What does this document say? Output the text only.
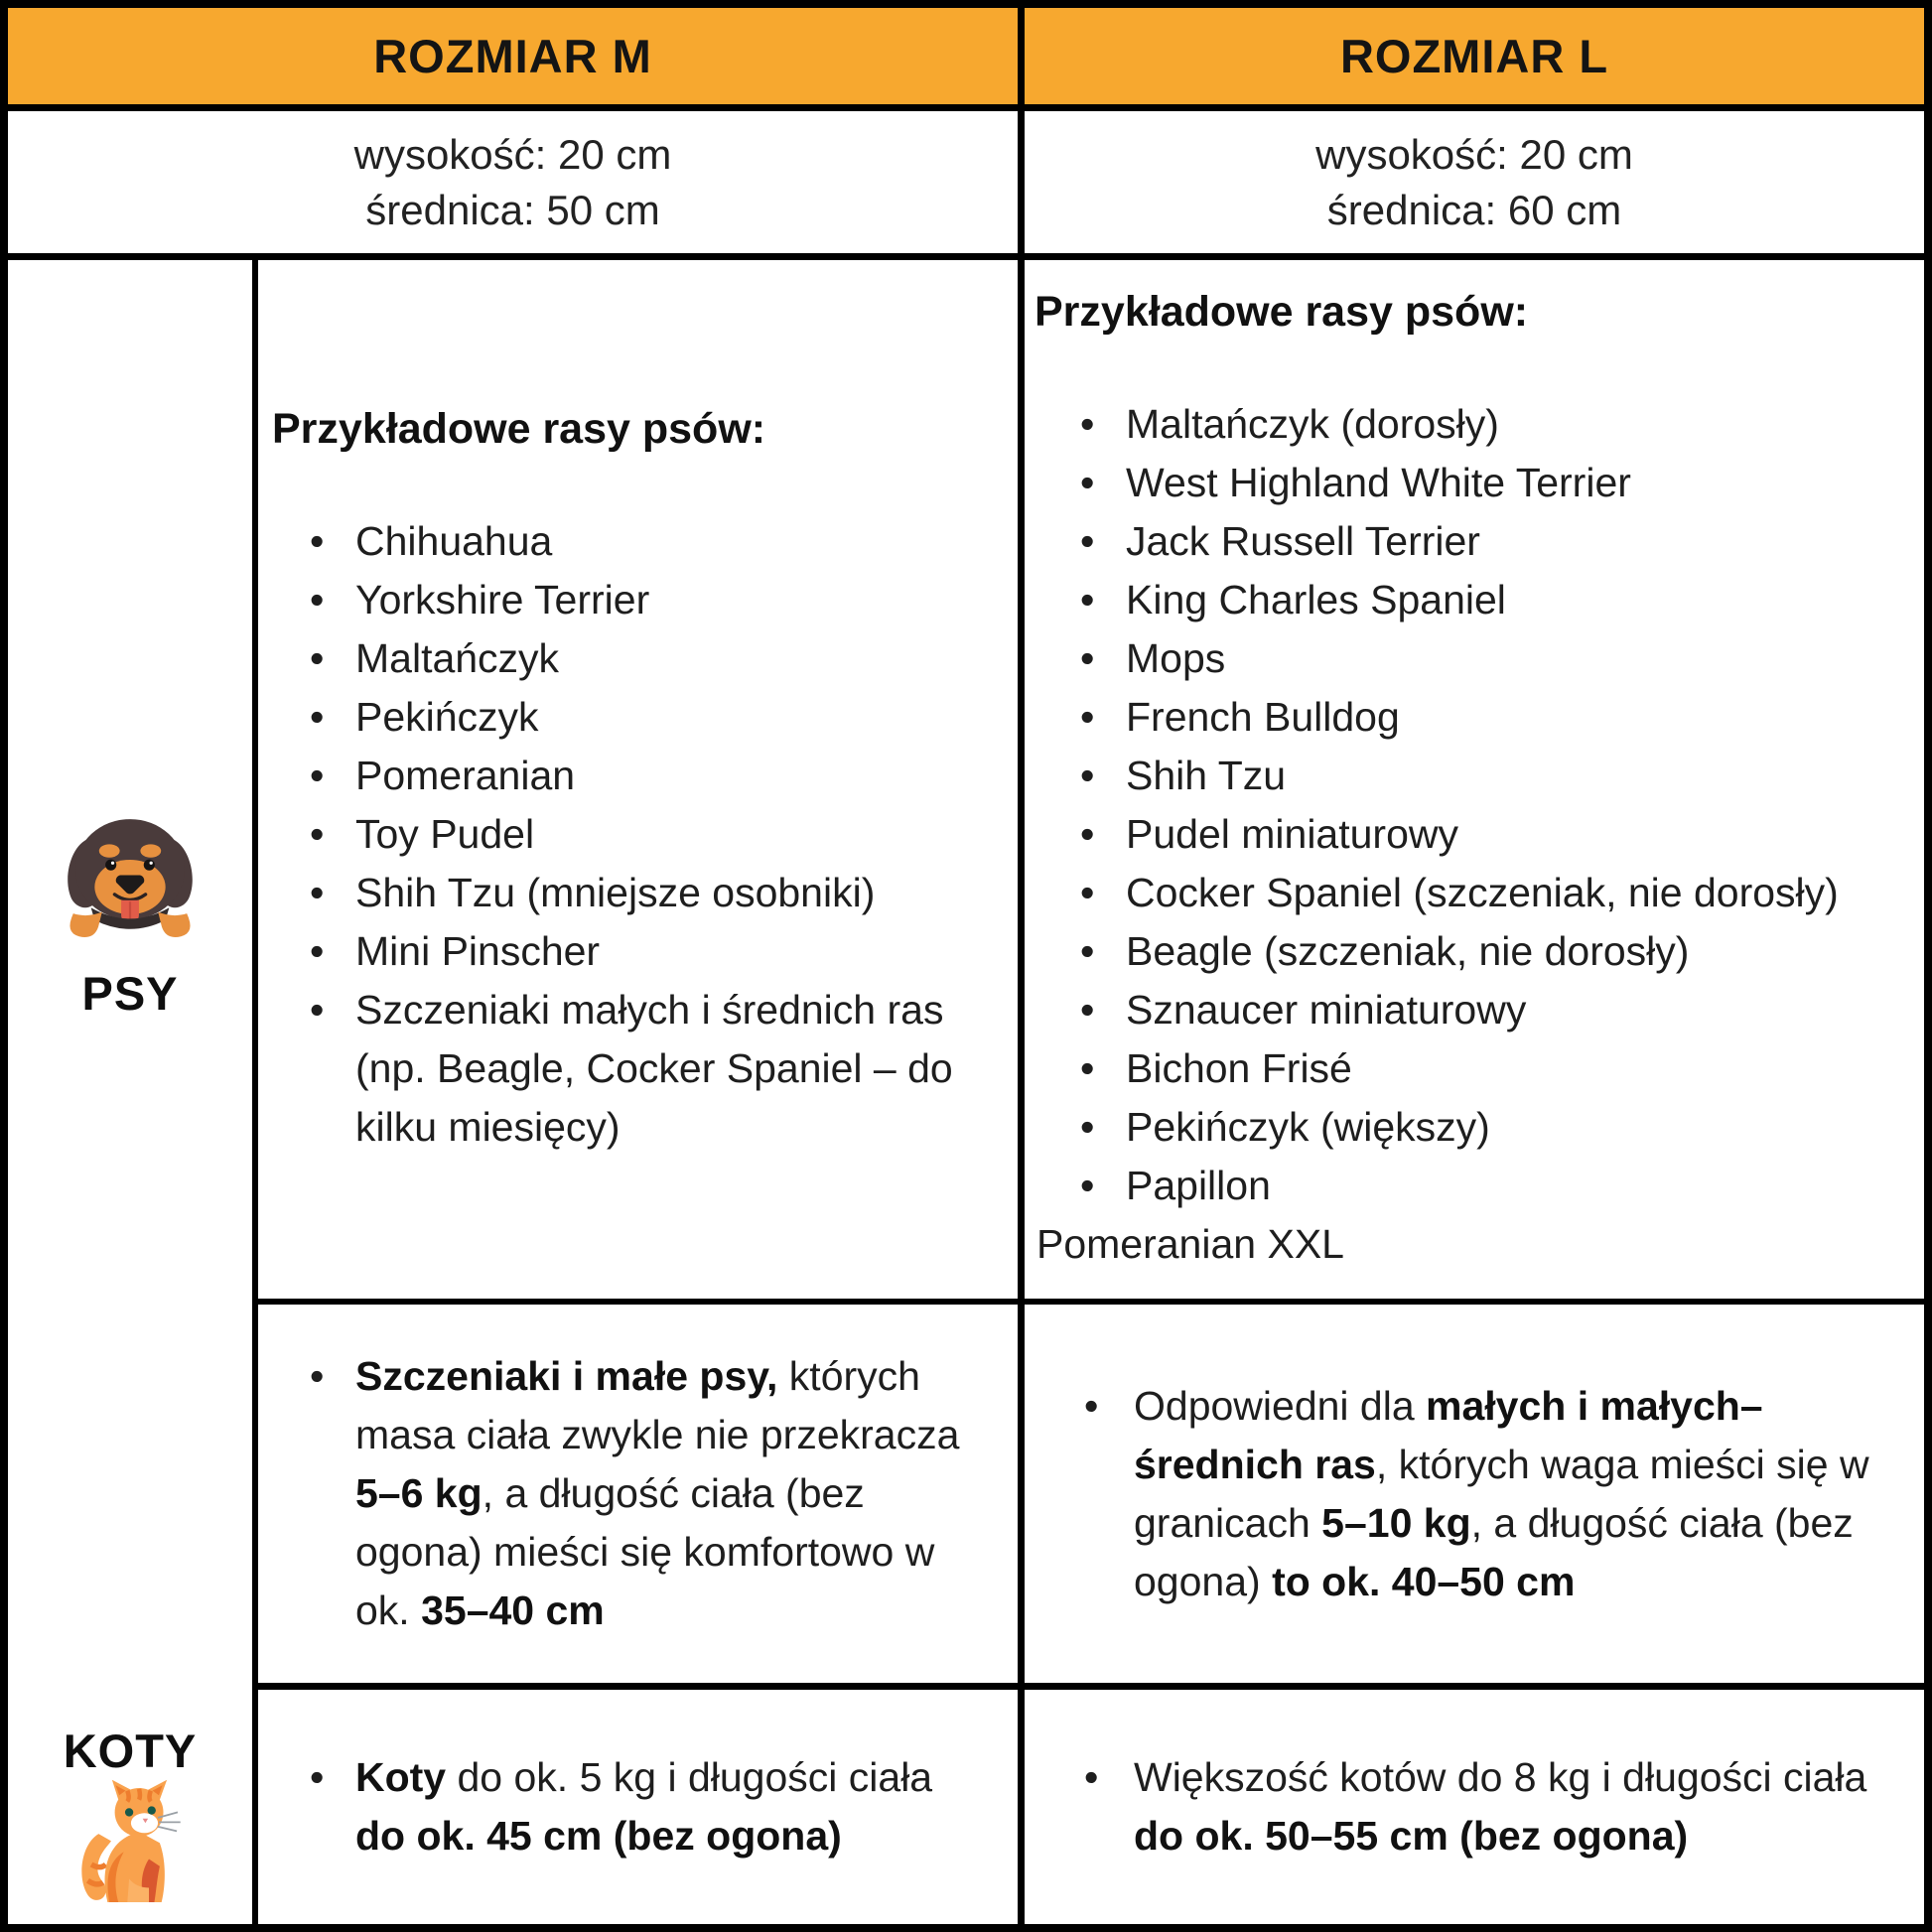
ROZMIAR M	ROZMIAR L
wysokość: 20 cm
średnica: 50 cm
wysokość: 20 cm
średnica: 60 cm
PSY

Przykładowe rasy psów:

• Chihuahua
• Yorkshire Terrier
• Maltańczyk
• Pekińczyk
• Pomeranian
• Toy Pudel
• Shih Tzu (mniejsze osobniki)
• Mini Pinscher
• Szczeniaki małych i średnich ras (np. Beagle, Cocker Spaniel – do kilku miesięcy)

Przykładowe rasy psów:

• Maltańczyk (dorosły)
• West Highland White Terrier
• Jack Russell Terrier
• King Charles Spaniel
• Mops
• French Bulldog
• Shih Tzu
• Pudel miniaturowy
• Cocker Spaniel (szczeniak, nie dorosły)
• Beagle (szczeniak, nie dorosły)
• Sznaucer miniaturowy
• Bichon Frisé
• Pekińczyk (większy)
• Papillon

Pomeranian XXL

• Szczeniaki i małe psy, których masa ciała zwykle nie przekracza 5–6 kg, a długość ciała (bez ogona) mieści się komfortowo w ok. 35–40 cm

• Odpowiedni dla małych i małych–średnich ras, których waga mieści się w granicach 5–10 kg, a długość ciała (bez ogona) to ok. 40–50 cm

KOTY	• Koty do ok. 5 kg i długości ciała do ok. 45 cm (bez ogona)

• Większość kotów do 8 kg i długości ciała do ok. 50–55 cm (bez ogona)
